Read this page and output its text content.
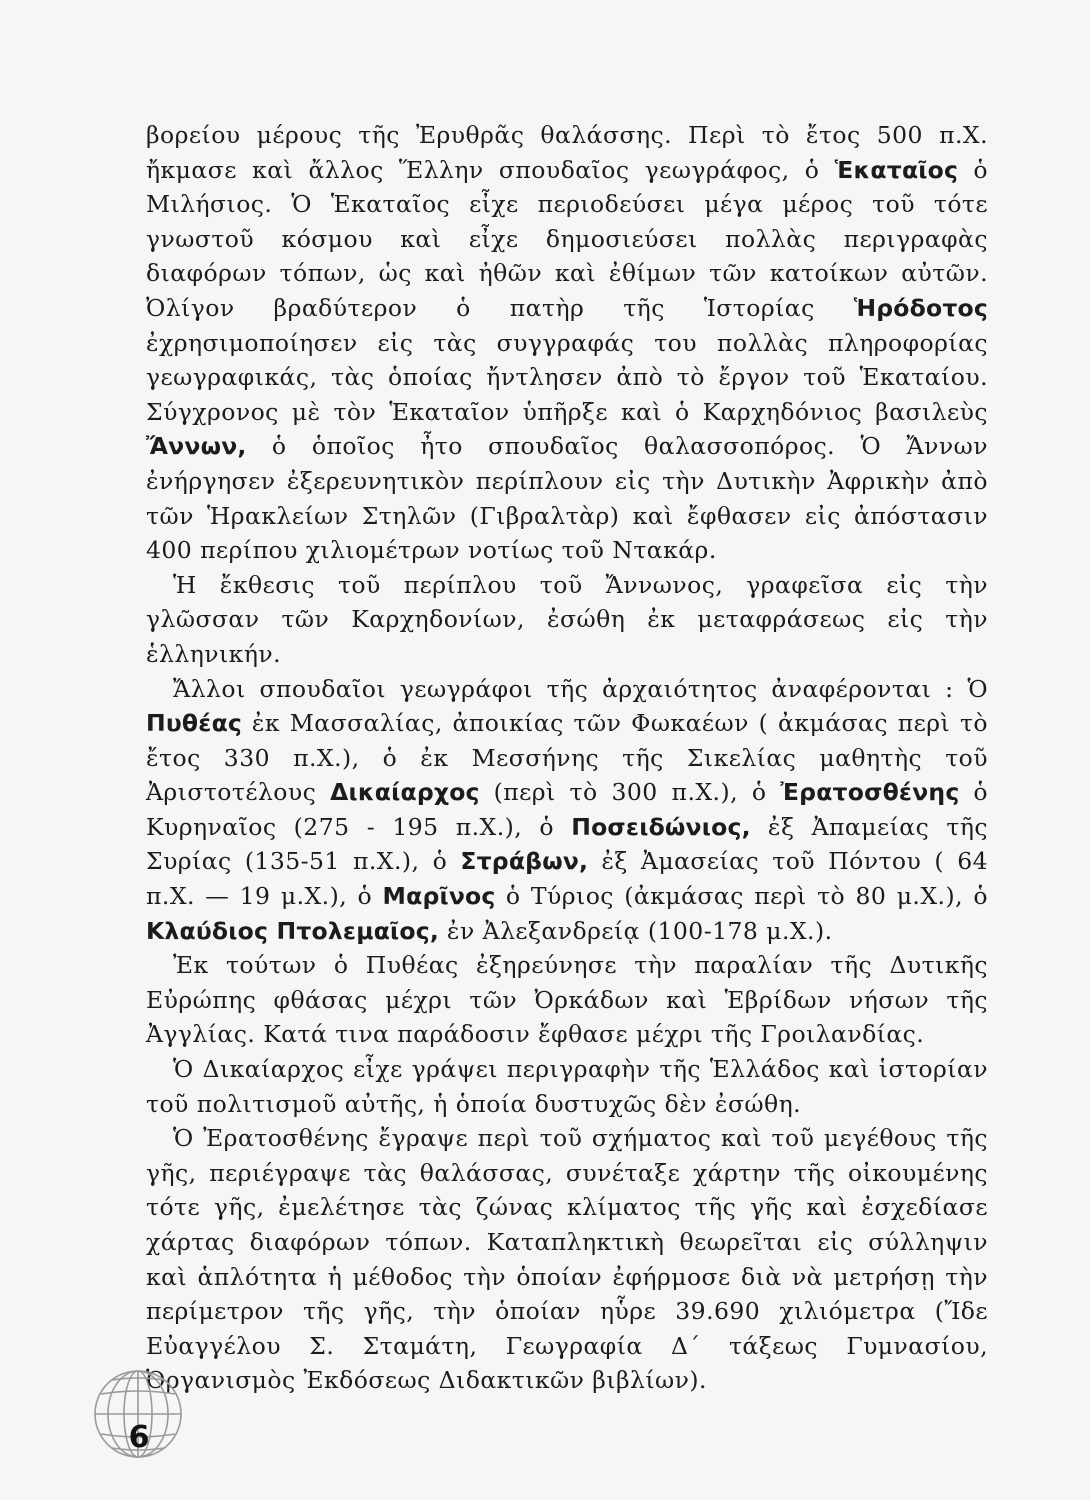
βορείου μέρους τῆς Ἐρυθρᾶς θαλάσσης. Περὶ τὸ ἔτος 500 π.Χ. ἤκμασε καὶ ἄλλος Ἕλλην σπουδαῖος γεωγράφος, ὁ Ἑκαταῖος ὁ Μιλήσιος. Ὁ Ἑκαταῖος εἶχε περιοδεύσει μέγα μέρος τοῦ τότε γνωστοῦ κόσμου καὶ εἶχε δημοσιεύσει πολλὰς περιγραφὰς διαφόρων τόπων, ὡς καὶ ἠθῶν καὶ ἐθίμων τῶν κατοίκων αὐτῶν. Ὀλίγον βραδύτερον ὁ πατὴρ τῆς Ἱστορίας Ἡρόδοτος ἐχρησιμοποίησεν εἰς τὰς συγγραφάς του πολλὰς πληροφορίας γεωγραφικάς, τὰς ὁποίας ἤντλησεν ἀπὸ τὸ ἔργον τοῦ Ἑκαταίου. Σύγχρονος μὲ τὸν Ἑκαταῖον ὑπῆρξε καὶ ὁ Καρχηδόνιος βασιλεὺς Ἄννων, ὁ ὁποῖος ἦτο σπουδαῖος θαλασσοπόρος. Ὁ Ἄννων ἐνήργησεν ἐξερευνητικὸν περίπλουν εἰς τὴν Δυτικὴν Ἀφρικὴν ἀπὸ τῶν Ἡρακλείων Στηλῶν (Γιβραλτὰρ) καὶ ἔφθασεν εἰς ἀπόστασιν 400 περίπου χιλιομέτρων νοτίως τοῦ Ντακάρ.

Ἡ ἔκθεσις τοῦ περίπλου τοῦ Ἄννωνος, γραφεῖσα εἰς τὴν γλῶσσαν τῶν Καρχηδονίων, ἐσώθη ἐκ μεταφράσεως εἰς τὴν ἑλληνικήν.

Ἄλλοι σπουδαῖοι γεωγράφοι τῆς ἀρχαιότητος ἀναφέρονται : Ὁ Πυθέας ἐκ Μασσαλίας, ἀποικίας τῶν Φωκαέων ( ἀκμάσας περὶ τὸ ἔτος 330 π.Χ.), ὁ ἐκ Μεσσήνης τῆς Σικελίας μαθητὴς τοῦ Ἀριστοτέλους Δικαίαρχος (περὶ τὸ 300 π.Χ.), ὁ Ἐρατοσθένης ὁ Κυρηναῖος (275 - 195 π.Χ.), ὁ Ποσειδώνιος, ἐξ Ἀπαμείας τῆς Συρίας (135-51 π.Χ.), ὁ Στράβων, ἐξ Ἀμασείας τοῦ Πόντου ( 64 π.Χ. — 19 μ.Χ.), ὁ Μαρῖνος ὁ Τύριος (ἀκμάσας περὶ τὸ 80 μ.Χ.), ὁ Κλαύδιος Πτολεμαῖος, ἐν Ἀλεξανδρείᾳ (100-178 μ.Χ.).

Ἐκ τούτων ὁ Πυθέας ἐξηρεύνησε τὴν παραλίαν τῆς Δυτικῆς Εὐρώπης φθάσας μέχρι τῶν Ὀρκάδων καὶ Ἑβρίδων νήσων τῆς Ἀγγλίας. Κατά τινα παράδοσιν ἔφθασε μέχρι τῆς Γροιλανδίας.

Ὁ Δικαίαρχος εἶχε γράψει περιγραφὴν τῆς Ἑλλάδος καὶ ἱστορίαν τοῦ πολιτισμοῦ αὐτῆς, ἡ ὁποία δυστυχῶς δὲν ἐσώθη.

Ὁ Ἐρατοσθένης ἔγραψε περὶ τοῦ σχήματος καὶ τοῦ μεγέθους τῆς γῆς, περιέγραψε τὰς θαλάσσας, συνέταξε χάρτην τῆς οἰκουμένης τότε γῆς, ἐμελέτησε τὰς ζώνας κλίματος τῆς γῆς καὶ ἐσχεδίασε χάρτας διαφόρων τόπων. Καταπληκτικὴ θεωρεῖται εἰς σύλληψιν καὶ ἁπλότητα ἡ μέθοδος τὴν ὁποίαν ἐφήρμοσε διὰ νὰ μετρήσῃ τὴν περίμετρον τῆς γῆς, τὴν ὁποίαν ηὗρε 39.690 χιλιόμετρα (Ἴδε Εὐαγγέλου Σ. Σταμάτη, Γεωγραφία Δ΄ τάξεως Γυμνασίου, Ὀργανισμὸς Ἐκδόσεως Διδακτικῶν βιβλίων).

6
